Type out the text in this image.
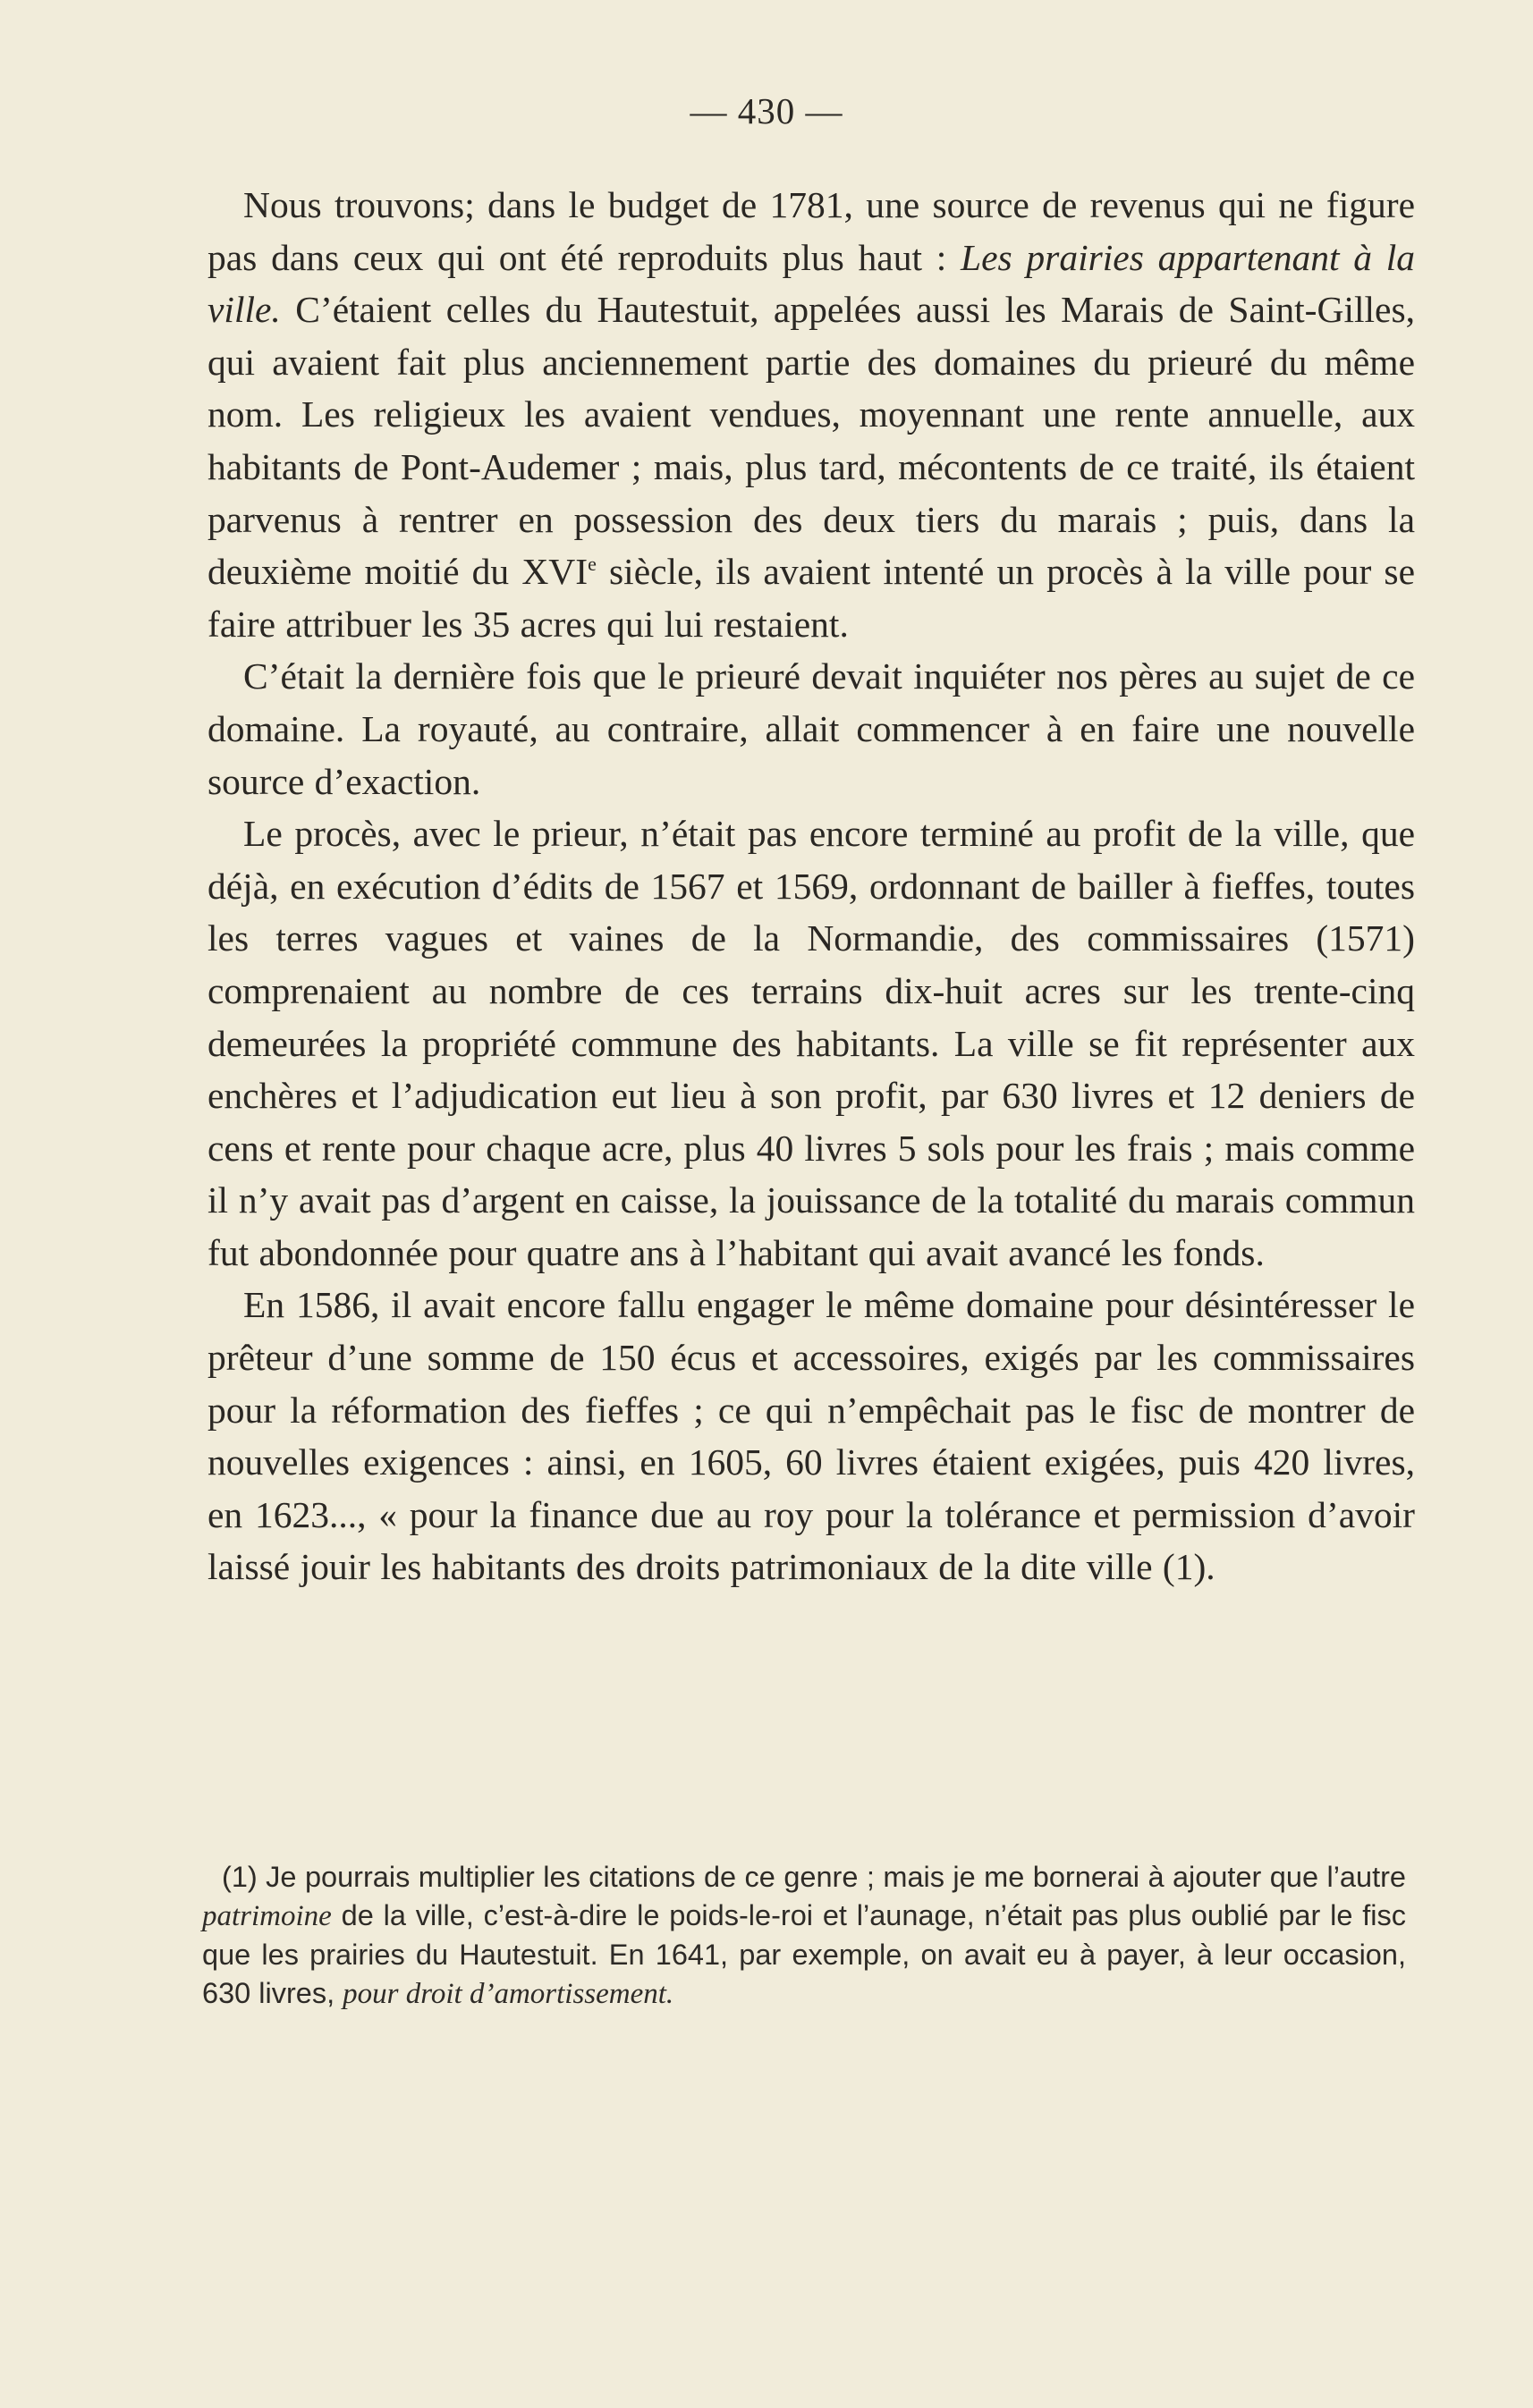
— 430 —

Nous trouvons; dans le budget de 1781, une source de revenus qui ne figure pas dans ceux qui ont été reproduits plus haut : Les prairies appartenant à la ville. C’étaient celles du Hautestuit, appelées aussi les Marais de Saint-Gilles, qui avaient fait plus anciennement partie des domaines du prieuré du même nom. Les religieux les avaient vendues, moyennant une rente annuelle, aux habitants de Pont-Audemer ; mais, plus tard, mécontents de ce traité, ils étaient parvenus à rentrer en possession des deux tiers du marais ; puis, dans la deuxième moitié du XVIe siècle, ils avaient intenté un procès à la ville pour se faire attribuer les 35 acres qui lui restaient.

C’était la dernière fois que le prieuré devait inquiéter nos pères au sujet de ce domaine. La royauté, au contraire, allait commencer à en faire une nouvelle source d’exaction.

Le procès, avec le prieur, n’était pas encore terminé au profit de la ville, que déjà, en exécution d’édits de 1567 et 1569, ordonnant de bailler à fieffes, toutes les terres vagues et vaines de la Normandie, des commissaires (1571) comprenaient au nombre de ces terrains dix-huit acres sur les trente-cinq demeurées la propriété commune des habitants. La ville se fit représenter aux enchères et l’adjudication eut lieu à son profit, par 630 livres et 12 deniers de cens et rente pour chaque acre, plus 40 livres 5 sols pour les frais ; mais comme il n’y avait pas d’argent en caisse, la jouissance de la totalité du marais commun fut abondonnée pour quatre ans à l’habitant qui avait avancé les fonds.

En 1586, il avait encore fallu engager le même domaine pour désintéresser le prêteur d’une somme de 150 écus et accessoires, exigés par les commissaires pour la réformation des fieffes ; ce qui n’empêchait pas le fisc de montrer de nouvelles exigences : ainsi, en 1605, 60 livres étaient exigées, puis 420 livres, en 1623..., « pour la finance due au roy pour la tolérance et permission d’avoir laissé jouir les habitants des droits patrimoniaux de la dite ville (1).

(1) Je pourrais multiplier les citations de ce genre ; mais je me bornerai à ajouter que l’autre patrimoine de la ville, c’est-à-dire le poids-le-roi et l’aunage, n’était pas plus oublié par le fisc que les prairies du Hautestuit. En 1641, par exemple, on avait eu à payer, à leur occasion, 630 livres, pour droit d’amortissement.
